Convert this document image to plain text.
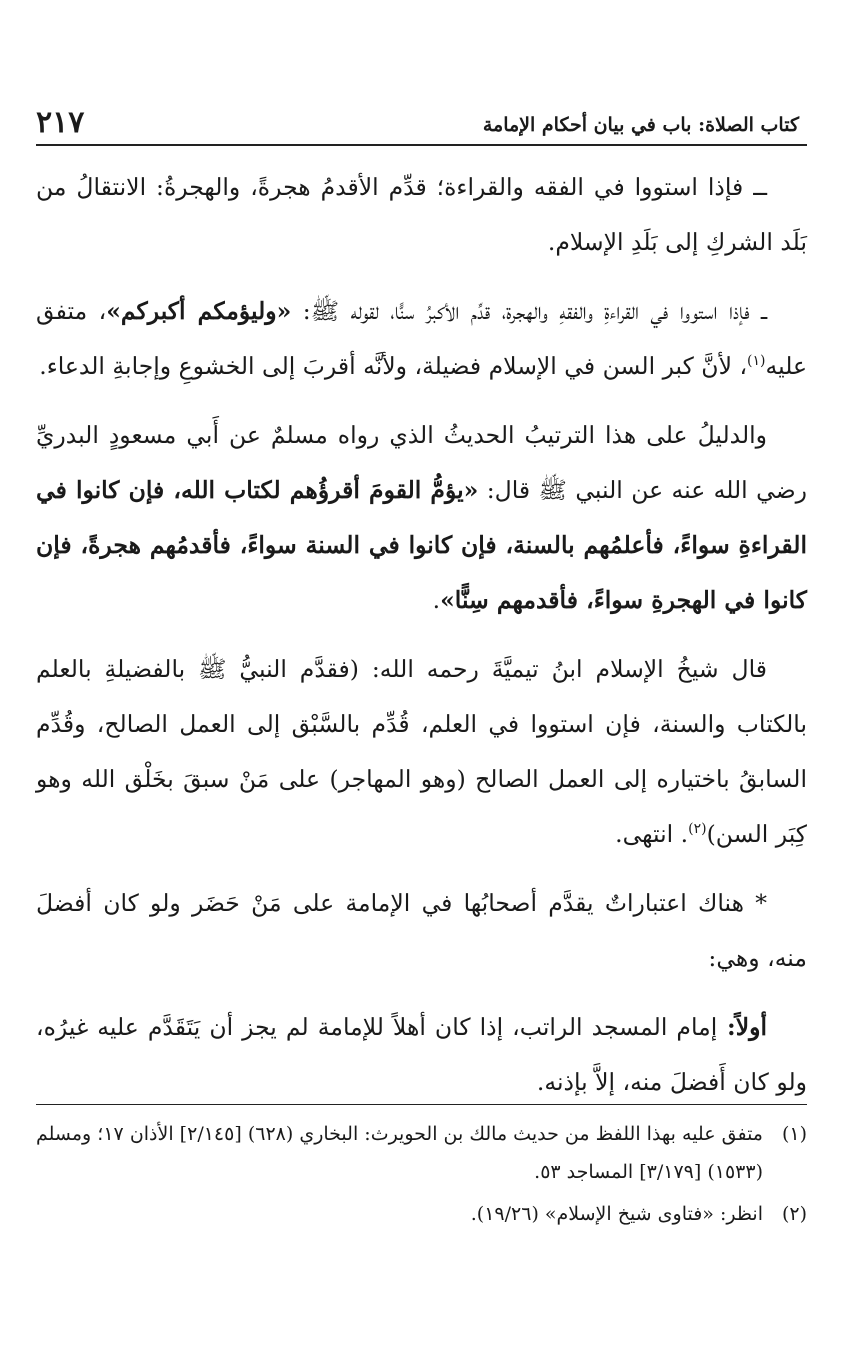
كتاب الصلاة: باب في بيان أحكام الإمامة
٢١٧

ــ فإذا استووا في الفقه والقراءة؛ قدِّم الأقدمُ هجرةً، والهجرةُ: الانتقالُ من بَلَد الشركِ إلى بَلَدِ الإسلام.

ــ فإذا استووا في القراءةِ والفقهِ والهجرة، قدِّم الأكبرُ سنًّا، لقوله ﷺ: «وليؤمكم أكبركم»، متفق عليه$^{(١)}$، لأنَّ كبر السن في الإسلام فضيلة، ولأنَّه أقربَ إلى الخشوعِ وإجابةِ الدعاء.

والدليلُ على هذا الترتيبُ الحديثُ الذي رواه مسلمٌ عن أَبي مسعودٍ البدريِّ رضي الله عنه عن النبي ﷺ قال: «يؤمُّ القومَ أقرؤُهم لكتاب الله، فإن كانوا في القراءةِ سواءً، فأعلمُهم بالسنة، فإن كانوا في السنة سواءً، فأقدمُهم هجرةً، فإن كانوا في الهجرةِ سواءً، فأقدمهم سِنًّا».

قال شيخُ الإسلام ابنُ تيميَّةَ رحمه الله: (فقدَّم النبيُّ ﷺ بالفضيلةِ بالعلم بالكتاب والسنة، فإن استووا في العلم، قُدِّم بالسَّبْق إلى العمل الصالح، وقُدِّم السابقُ باختياره إلى العمل الصالح (وهو المهاجر) على مَنْ سبقَ بخَلْق الله وهو كِبَر السن)$^{(٢)}$. انتهى.

* هناك اعتباراتٌ يقدَّم أصحابُها في الإمامة على مَنْ حَضَر ولو كان أفضلَ منه، وهي:

أولاً: إمام المسجد الراتب، إذا كان أهلاً للإمامة لم يجز أن يَتَقَدَّم عليه غيرُه، ولو كان أَفضلَ منه، إلاَّ بإذنه.

(١)
متفق عليه بهذا اللفظ من حديث مالك بن الحويرث: البخاري (٦٢٨) [٢/١٤٥] الأذان ١٧؛ ومسلم (١٥٣٣) [٣/١٧٩] المساجد ٥٣.

(٢)
انظر: «فتاوى شيخ الإسلام» (١٩/٢٦).
